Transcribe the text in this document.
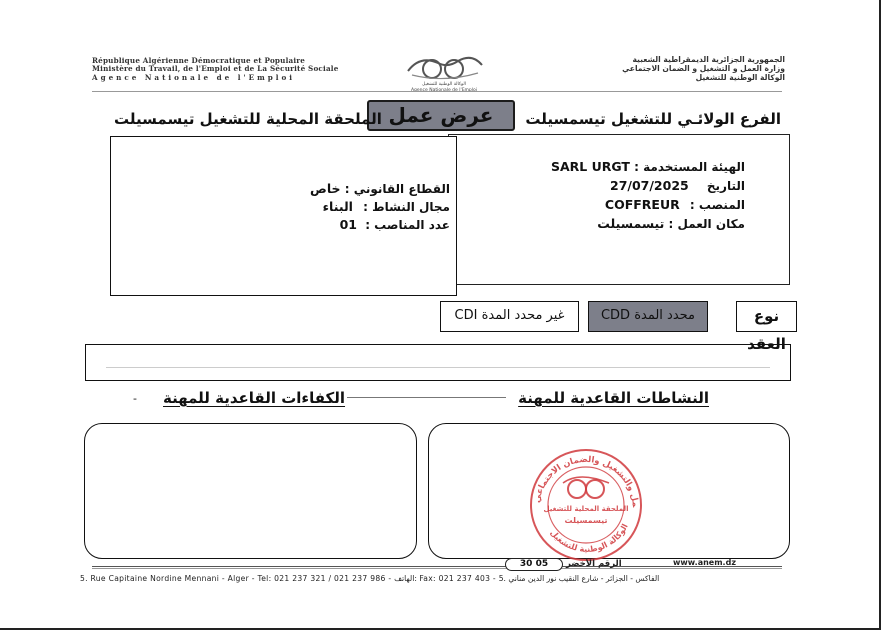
République Algérienne Démocratique et Populaire
Ministère du Travail, de l'Emploi et de La Sécurité Sociale
Agence Nationale de l'Emploi
الوكالة الوطنية للتشغيل
الجمهورية الجزائرية الديمقراطية الشعبية
وزارة العمل و التشغيل و الضمان الاجتماعي
الوكالة الوطنية للتشغيل
عرض عمل	الفرع الولائـي للتشغيل تيسمسيلت
الملحقة المحلية للتشغيل تيسمسيلت
الهيئة المستخدمة : SARL URGT
التاريخ 27/07/2025
المنصب : COFFREUR
مكان العمل : تيسمسيلت
القطاع القانوني : خاص
مجال النشاط : البناء
عدد المناصب : 01
نوع العقد
محدد المدة CDD
غير محدد المدة CDI
النشاطات القاعدية للمهنة
الكفاءات القاعدية للمهنة
-
مل والتشغيل والضمان الاجتماعي
الوكالة الوطنية للتشغيل
الملحقة المحلية للتشغيل
تيسمسيلت
30 05	الرقم الأخضر	www.anem.dz
5. Rue Capitaine Nordine Mennani - Alger - Tel: 021 237 321 / 021 237 986 - الهاتف: Fax: 021 237 403 - الفاكس - الجزائر - شارع النقيب نور الدين مناني .5
